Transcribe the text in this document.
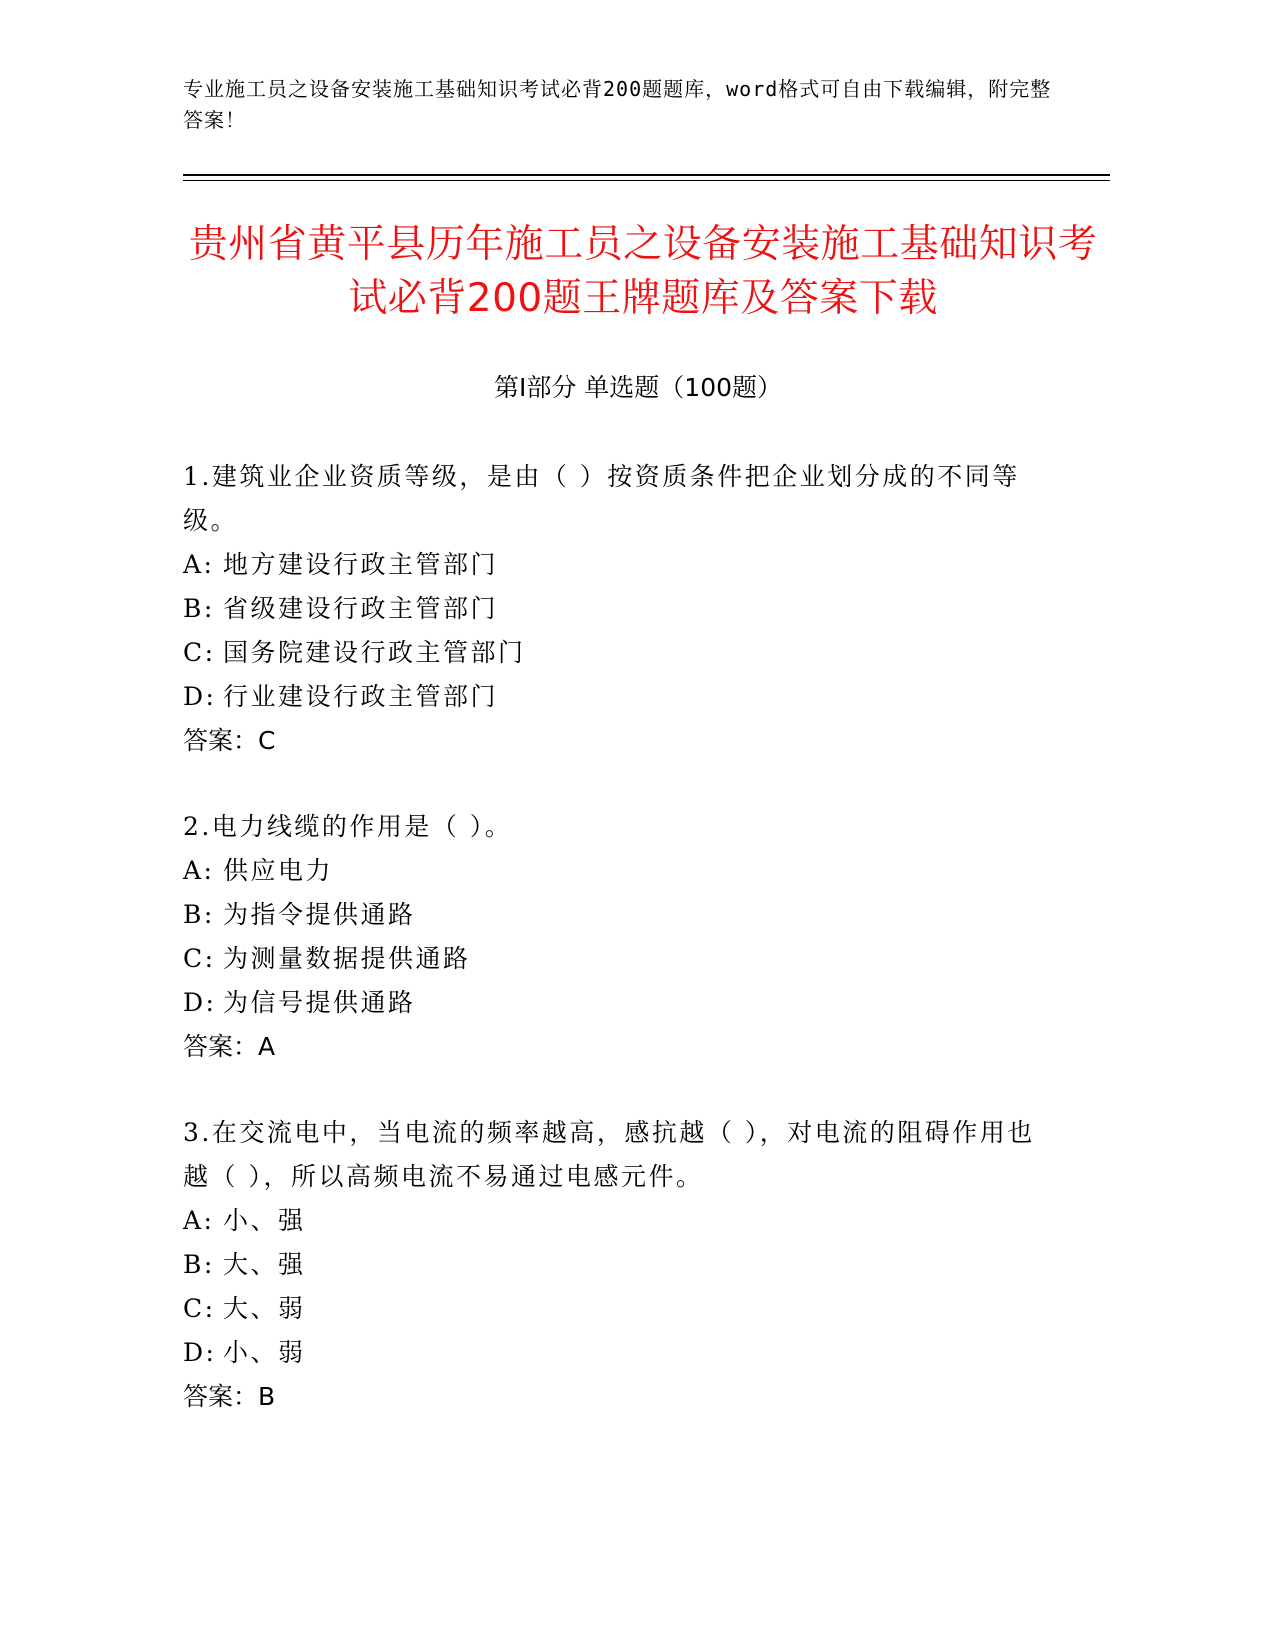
专业施工员之设备安装施工基础知识考试必背200题题库，word格式可自由下载编辑，附完整答案！
贵州省黄平县历年施工员之设备安装施工基础知识考试必背200题王牌题库及答案下载
第Ⅰ部分 单选题（100题）
1.建筑业企业资质等级，是由（ ）按资质条件把企业划分成的不同等级。
A: 地方建设行政主管部门
B: 省级建设行政主管部门
C: 国务院建设行政主管部门
D: 行业建设行政主管部门
答案：C
2.电力线缆的作用是（ ）。
A: 供应电力
B: 为指令提供通路
C: 为测量数据提供通路
D: 为信号提供通路
答案：A
3.在交流电中，当电流的频率越高，感抗越（ ），对电流的阻碍作用也越（ ），所以高频电流不易通过电感元件。
A: 小、强
B: 大、强
C: 大、弱
D: 小、弱
答案：B
